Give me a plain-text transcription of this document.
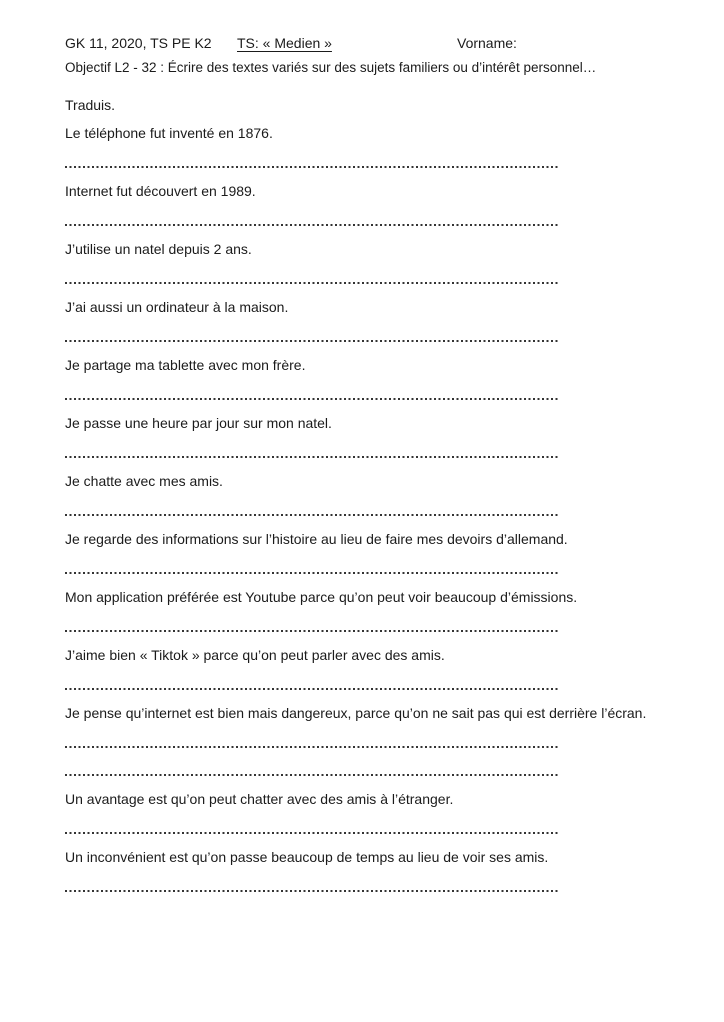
GK 11, 2020, TS PE K2 TS: « Medien »	Vorname:
Objectif L2 - 32 : Écrire des textes variés sur des sujets familiers ou d’intérêt personnel…
Traduis.
Le téléphone fut inventé en 1876.
Internet fut découvert en 1989.
J’utilise un natel depuis 2 ans.
J’ai aussi un ordinateur à la maison.
Je partage ma tablette avec mon frère.
Je passe une heure par jour sur mon natel.
Je chatte avec mes amis.
Je regarde des informations sur l’histoire au lieu de faire mes devoirs d’allemand.
Mon application préférée est Youtube parce qu’on peut voir beaucoup d’émissions.
J’aime bien « Tiktok » parce qu’on peut parler avec des amis.
Je pense qu’internet est bien mais dangereux, parce qu’on ne sait pas qui est derrière l’écran.
Un avantage est qu’on peut chatter avec des amis à l’étranger.
Un inconvénient est qu’on passe beaucoup de temps au lieu de voir ses amis.
